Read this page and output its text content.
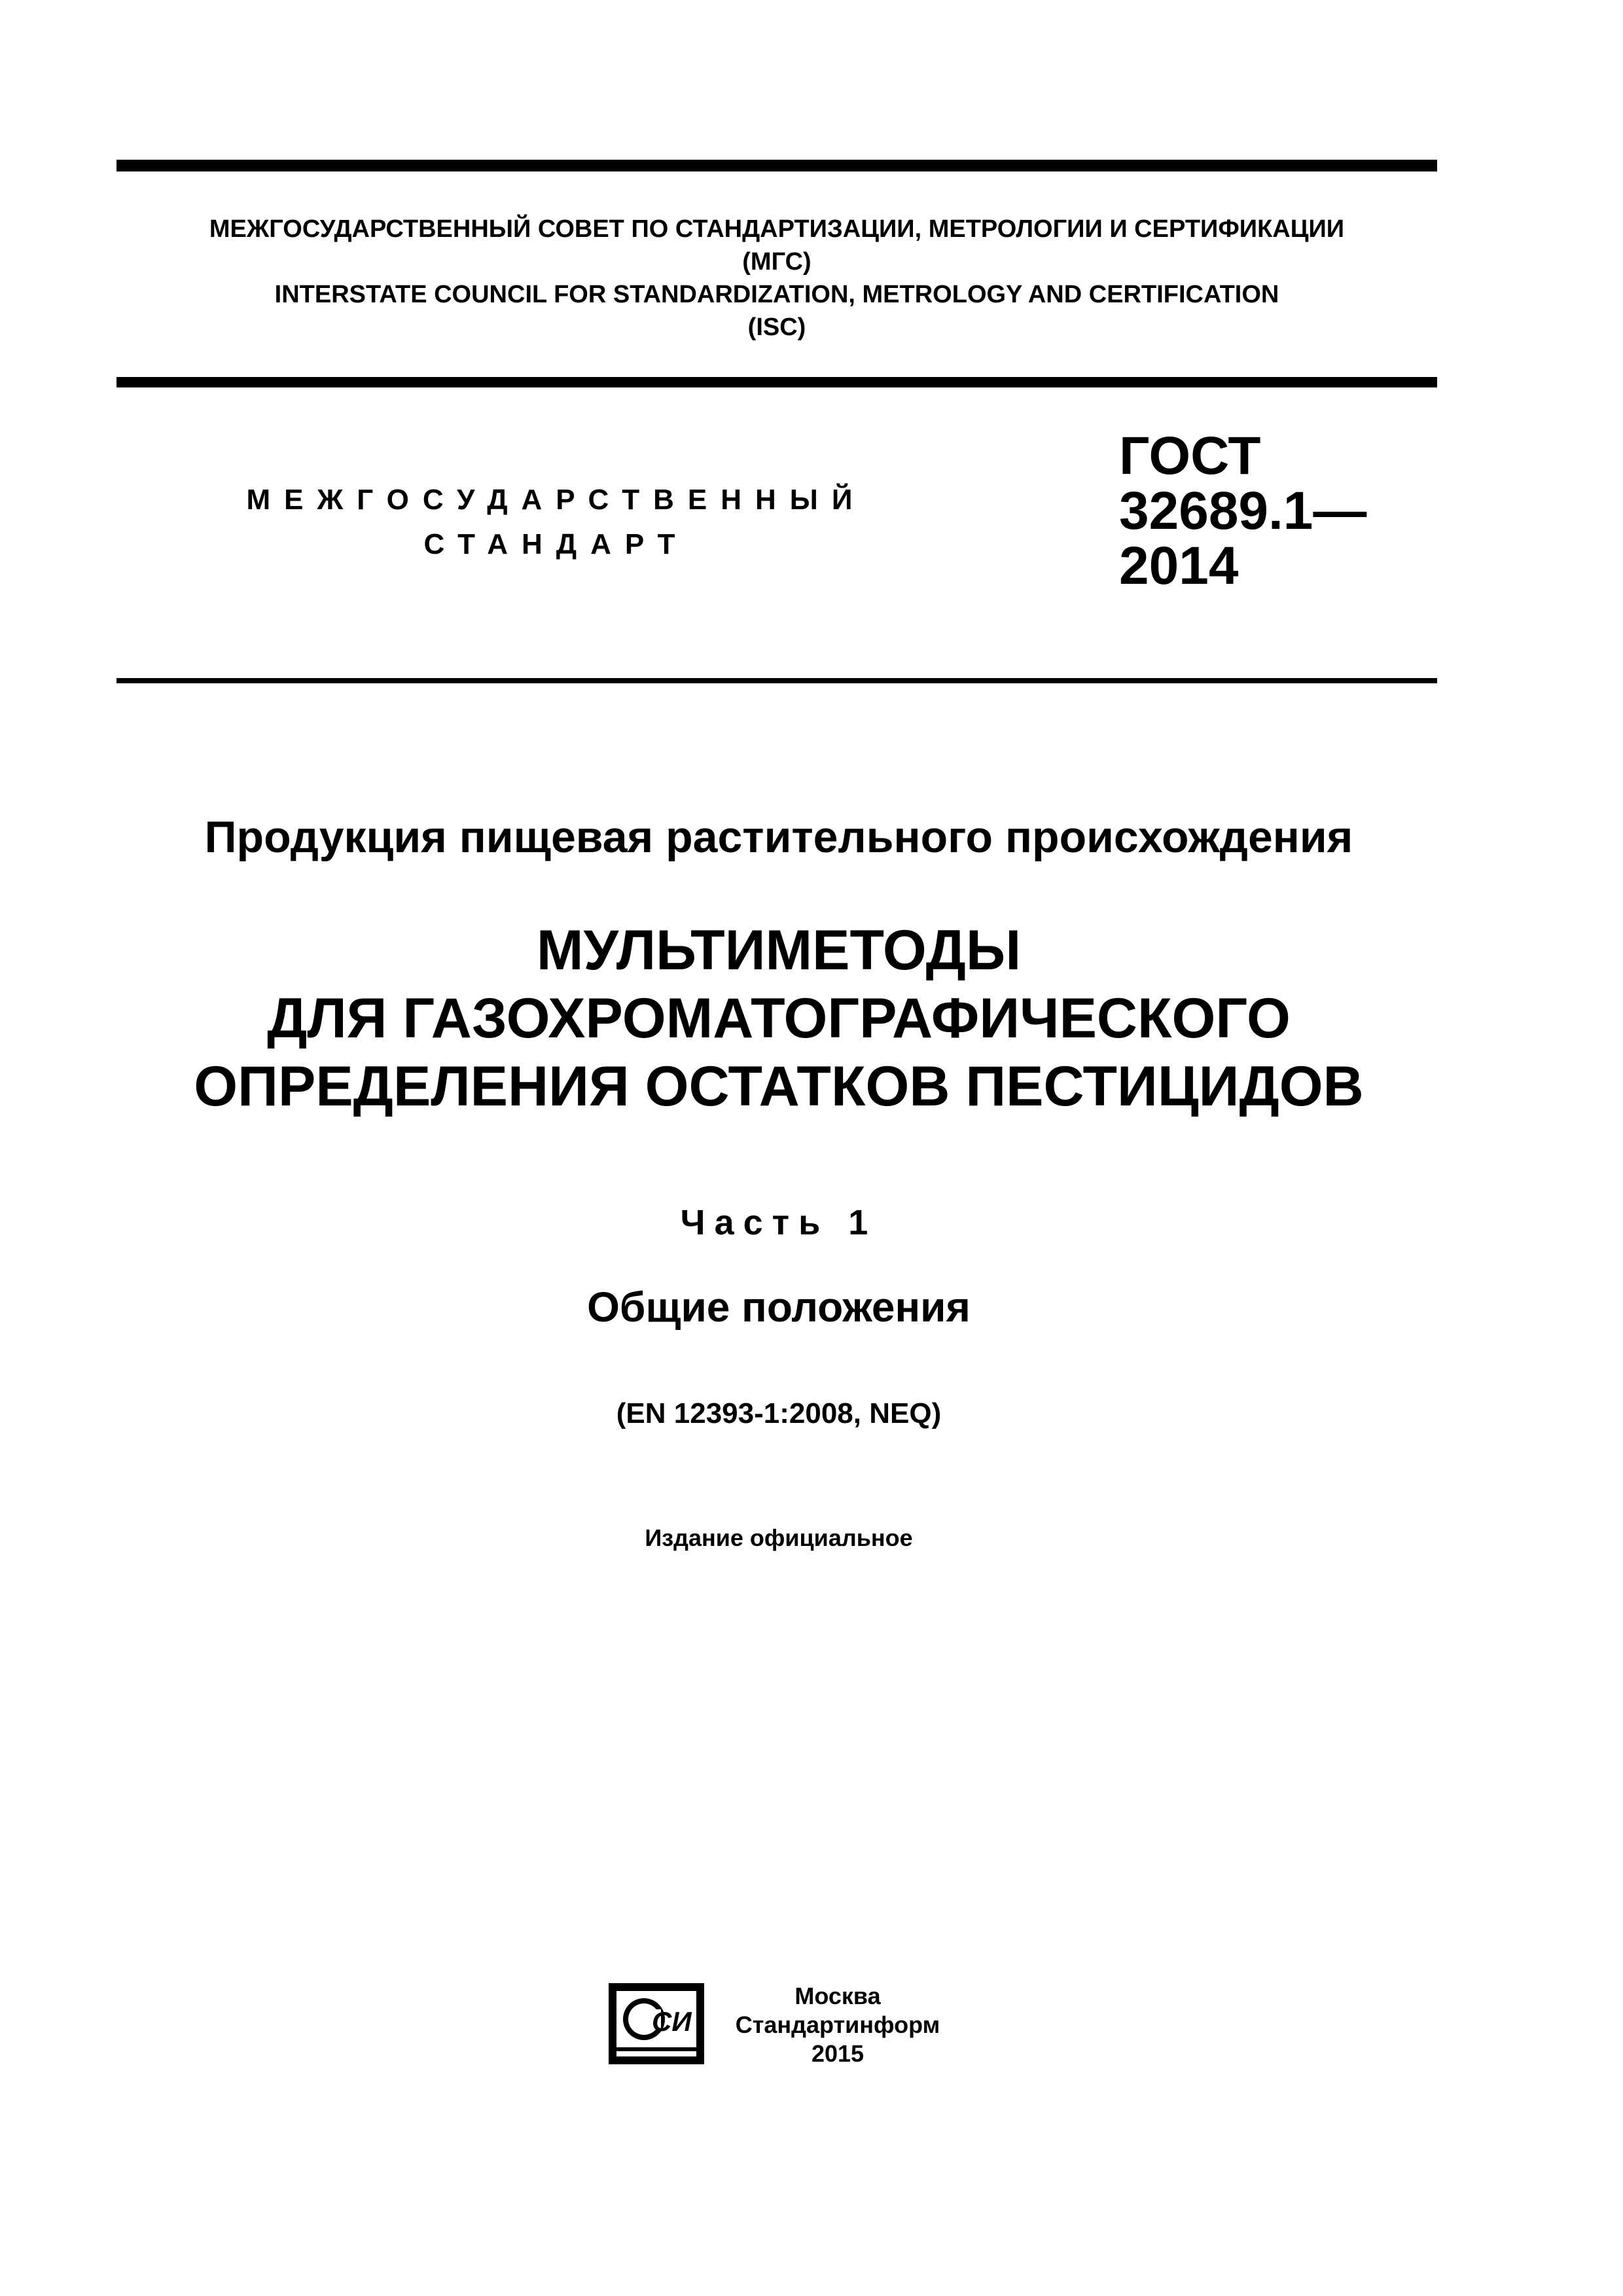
МЕЖГОСУДАРСТВЕННЫЙ СОВЕТ ПО СТАНДАРТИЗАЦИИ, МЕТРОЛОГИИ И СЕРТИФИКАЦИИ
(МГС)
INTERSTATE COUNCIL FOR STANDARDIZATION, METROLOGY AND CERTIFICATION
(ISC)
МЕЖГОСУДАРСТВЕННЫЙ
СТАНДАРТ
ГОСТ
32689.1—
2014
Продукция пищевая растительного происхождения
МУЛЬТИМЕТОДЫ
ДЛЯ ГАЗОХРОМАТОГРАФИЧЕСКОГО
ОПРЕДЕЛЕНИЯ ОСТАТКОВ ПЕСТИЦИДОВ
Часть 1
Общие положения
(EN 12393-1:2008, NEQ)
Издание официальное
СИ
Москва
Стандартинформ
2015
